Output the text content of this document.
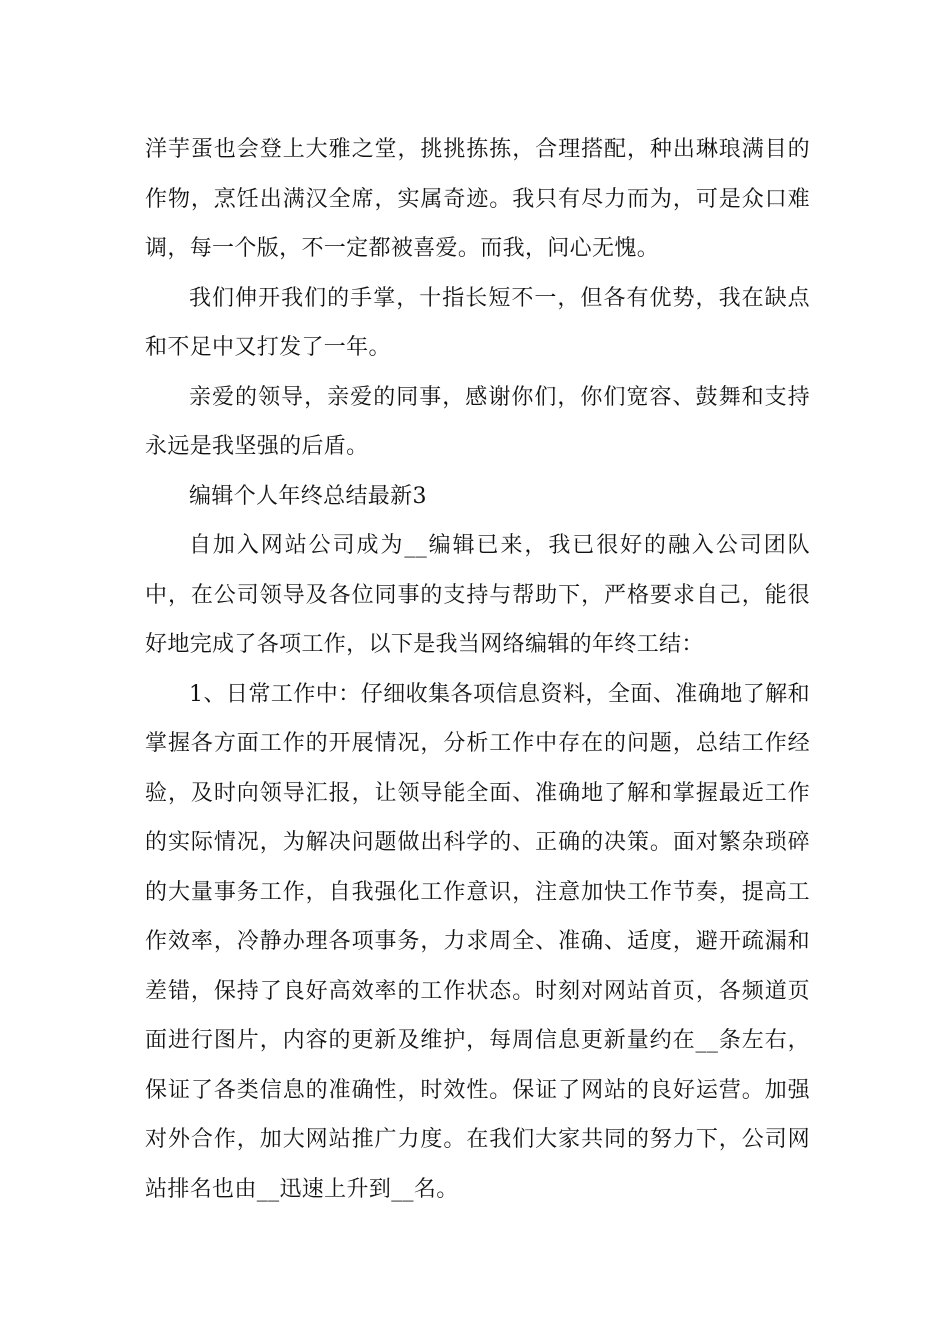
洋芋蛋也会登上大雅之堂，挑挑拣拣，合理搭配，种出琳琅满目的作物，烹饪出满汉全席，实属奇迹。我只有尽力而为，可是众口难调，每一个版，不一定都被喜爱。而我，问心无愧。

我们伸开我们的手掌，十指长短不一，但各有优势，我在缺点和不足中又打发了一年。

亲爱的领导，亲爱的同事，感谢你们，你们宽容、鼓舞和支持永远是我坚强的后盾。

编辑个人年终总结最新3

自加入网站公司成为__编辑已来，我已很好的融入公司团队中，在公司领导及各位同事的支持与帮助下，严格要求自己，能很好地完成了各项工作，以下是我当网络编辑的年终工结：

1、日常工作中：仔细收集各项信息资料，全面、准确地了解和掌握各方面工作的开展情况，分析工作中存在的问题，总结工作经验，及时向领导汇报，让领导能全面、准确地了解和掌握最近工作的实际情况，为解决问题做出科学的、正确的决策。面对繁杂琐碎的大量事务工作，自我强化工作意识，注意加快工作节奏，提高工作效率，冷静办理各项事务，力求周全、准确、适度，避开疏漏和差错，保持了良好高效率的工作状态。时刻对网站首页，各频道页面进行图片，内容的更新及维护，每周信息更新量约在__条左右，保证了各类信息的准确性，时效性。保证了网站的良好运营。加强对外合作，加大网站推广力度。在我们大家共同的努力下，公司网站排名也由__迅速上升到__名。
